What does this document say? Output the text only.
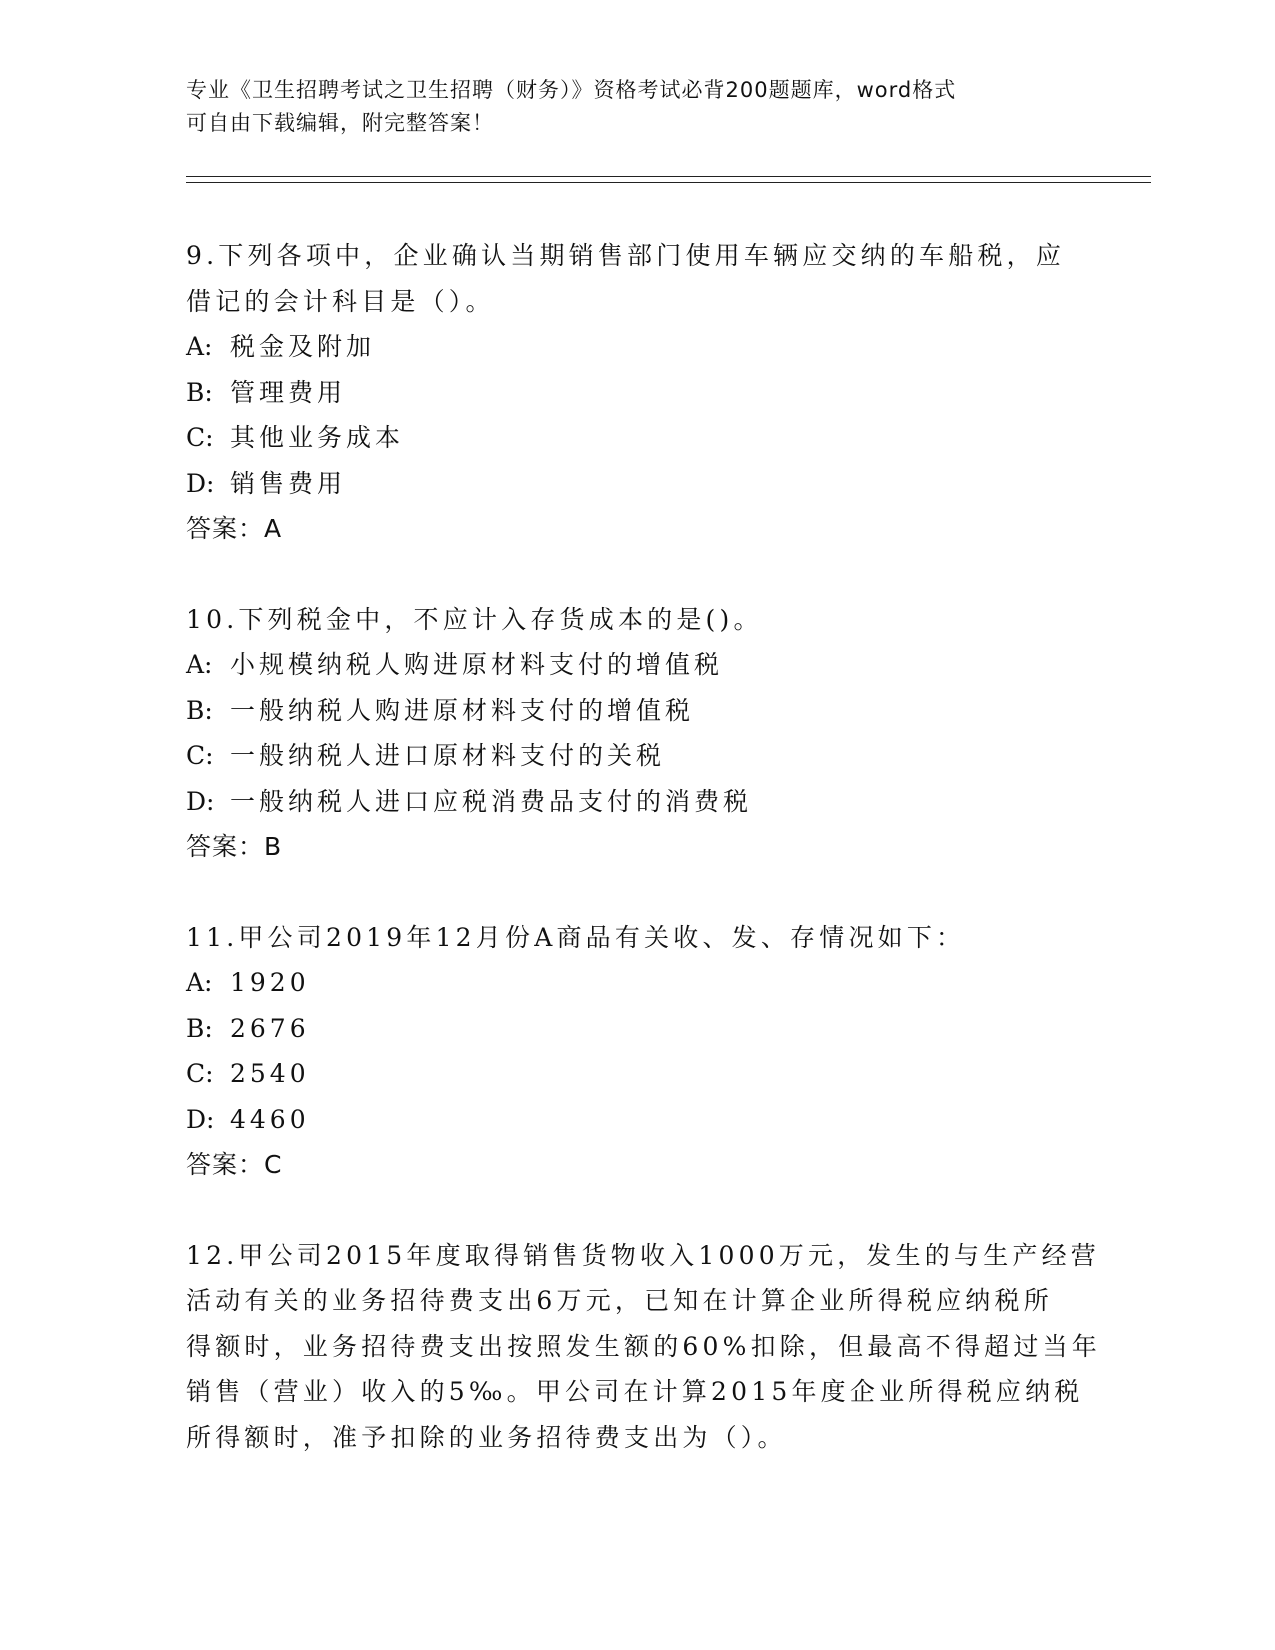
专业《卫生招聘考试之卫生招聘（财务）》资格考试必背200题题库，word格式
可自由下载编辑，附完整答案！
9.下列各项中，企业确认当期销售部门使用车辆应交纳的车船税，应
借记的会计科目是（）。
A: 税金及附加
B: 管理费用
C: 其他业务成本
D: 销售费用
答案：A
10.下列税金中，不应计入存货成本的是()。
A: 小规模纳税人购进原材料支付的增值税
B: 一般纳税人购进原材料支付的增值税
C: 一般纳税人进口原材料支付的关税
D: 一般纳税人进口应税消费品支付的消费税
答案：B
11.甲公司2019年12月份A商品有关收、发、存情况如下：
A: 1920
B: 2676
C: 2540
D: 4460
答案：C
12.甲公司2015年度取得销售货物收入1000万元，发生的与生产经营
活动有关的业务招待费支出6万元，已知在计算企业所得税应纳税所
得额时，业务招待费支出按照发生额的60%扣除，但最高不得超过当年
销售（营业）收入的5‰。甲公司在计算2015年度企业所得税应纳税
所得额时，准予扣除的业务招待费支出为（）。
